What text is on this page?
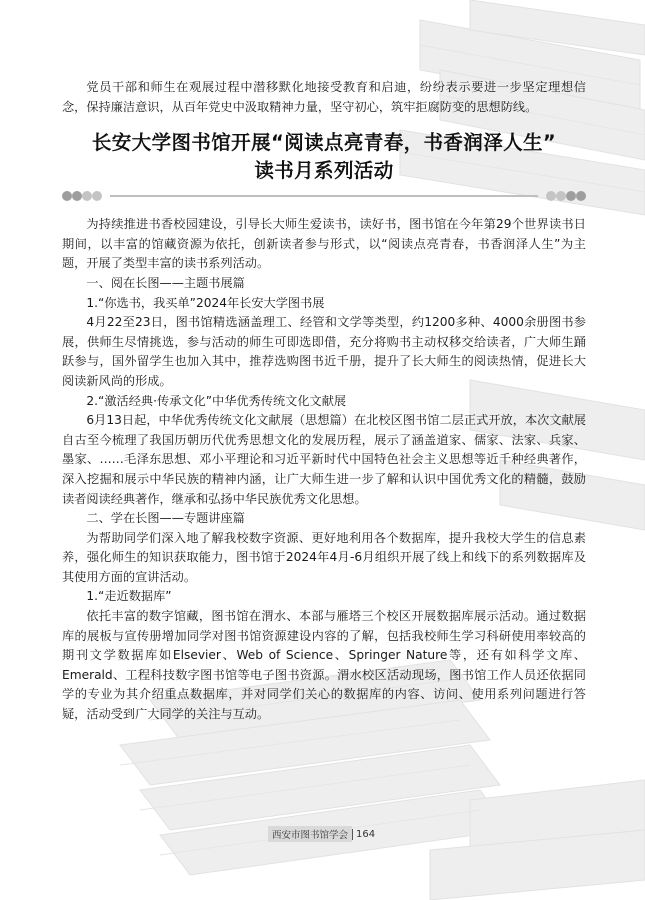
党员干部和师生在观展过程中潜移默化地接受教育和启迪，纷纷表示要进一步坚定理想信念，保持廉洁意识，从百年党史中汲取精神力量，坚守初心，筑牢拒腐防变的思想防线。

长安大学图书馆开展“阅读点亮青春，书香润泽人生”

读书月系列活动

为持续推进书香校园建设，引导长大师生爱读书，读好书，图书馆在今年第29个世界读书日期间，以丰富的馆藏资源为依托，创新读者参与形式，以“阅读点亮青春，书香润泽人生”为主题，开展了类型丰富的读书系列活动。

一、阅在长图——主题书展篇

1.“你选书，我买单”2024年长安大学图书展

4月22至23日，图书馆精选涵盖理工、经管和文学等类型，约1200多种、4000余册图书参展，供师生尽情挑选，参与活动的师生可即选即借，充分将购书主动权移交给读者，广大师生踊跃参与，国外留学生也加入其中，推荐选购图书近千册，提升了长大师生的阅读热情，促进长大阅读新风尚的形成。

2.“激活经典·传承文化”中华优秀传统文化文献展

6月13日起，中华优秀传统文化文献展（思想篇）在北校区图书馆二层正式开放，本次文献展自古至今梳理了我国历朝历代优秀思想文化的发展历程，展示了涵盖道家、儒家、法家、兵家、墨家、……毛泽东思想、邓小平理论和习近平新时代中国特色社会主义思想等近千种经典著作，深入挖掘和展示中华民族的精神内涵，让广大师生进一步了解和认识中国优秀文化的精髓，鼓励读者阅读经典著作，继承和弘扬中华民族优秀文化思想。

二、学在长图——专题讲座篇

为帮助同学们深入地了解我校数字资源、更好地利用各个数据库，提升我校大学生的信息素养，强化师生的知识获取能力，图书馆于2024年4月-6月组织开展了线上和线下的系列数据库及其使用方面的宣讲活动。

1.“走近数据库”

依托丰富的数字馆藏，图书馆在渭水、本部与雁塔三个校区开展数据库展示活动。通过数据库的展板与宣传册增加同学对图书馆资源建设内容的了解，包括我校师生学习科研使用率较高的期刊文学数据库如Elsevier、Web of Science、Springer Nature等，还有如科学文库、Emerald、工程科技数字图书馆等电子图书资源。渭水校区活动现场，图书馆工作人员还依据同学的专业为其介绍重点数据库，并对同学们关心的数据库的内容、访问、使用系列问题进行答疑，活动受到广大同学的关注与互动。

西安市图书馆学会 164
